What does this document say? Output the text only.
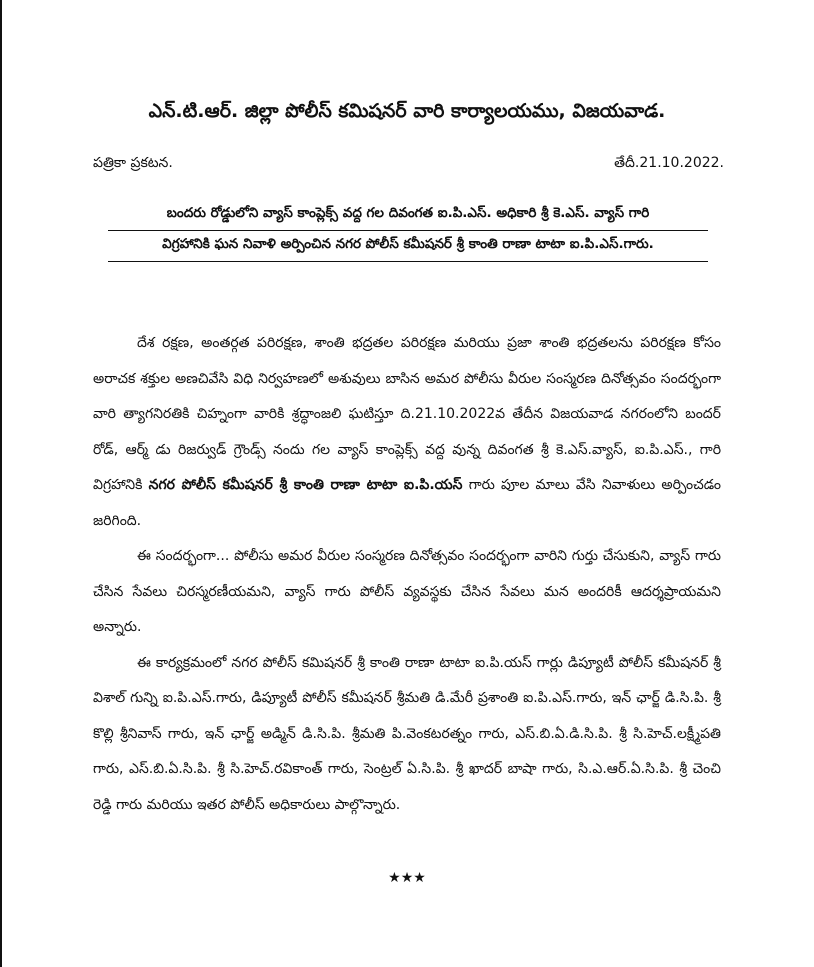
ఎన్.టి.ఆర్. జిల్లా పోలీస్ కమిషనర్ వారి కార్యాలయము, విజయవాడ.
పత్రికా ప్రకటన.	తేదీ.21.10.2022.
బందరు రోడ్డులోని వ్యాస్ కాంప్లెక్స్ వద్ద గల దివంగత ఐ.పి.ఎస్. అధికారి శ్రీ కె.ఎస్. వ్యాస్ గారి
విగ్రహానికి ఘన నివాళి అర్పించిన నగర పోలీస్ కమీషనర్ శ్రీ కాంతి రాణా టాటా ఐ.పి.ఎస్.గారు.

దేశ రక్షణ, అంతర్గత పరిరక్షణ, శాంతి భద్రతల పరిరక్షణ మరియు ప్రజా శాంతి భద్రతలను పరిరక్షణ కోసం అరాచక శక్తుల అణచివేసి విధి నిర్వహణలో అశువులు బాసిన అమర పోలీసు వీరుల సంస్మరణ దినోత్సవం సందర్భంగా వారి త్యాగనిరతికి చిహ్నంగా వారికి శ్రద్ధాంజలి ఘటిస్తూ ది.21.10.2022వ తేదీన విజయవాడ నగరంలోని బందర్ రోడ్, ఆర్మ్ డు రిజర్వుడ్ గ్రౌండ్స్ నందు గల వ్యాస్ కాంప్లెక్స్ వద్ద వున్న దివంగత శ్రీ కె.ఎస్.వ్యాస్, ఐ.పి.ఎస్., గారి విగ్రహానికి నగర పోలీస్ కమీషనర్ శ్రీ కాంతి రాణా టాటా ఐ.పి.యస్ గారు పూల మాలు వేసి నివాళులు అర్పించడం జరిగింది.

ఈ సందర్భంగా... పోలీసు అమర వీరుల సంస్మరణ దినోత్సవం సందర్భంగా వారిని గుర్తు చేసుకుని, వ్యాస్ గారు చేసిన సేవలు చిరస్మరణీయమని, వ్యాస్ గారు పోలీస్ వ్యవస్థకు చేసిన సేవలు మన అందరికీ ఆదర్శప్రాయమని అన్నారు.

ఈ కార్యక్రమంలో నగర పోలీస్ కమిషనర్ శ్రీ కాంతి రాణా టాటా ఐ.పి.యస్ గార్లు డిప్యూటీ పోలీస్ కమీషనర్ శ్రీ విశాల్ గున్ని ఐ.పి.ఎస్.గారు, డిప్యూటీ పోలీస్ కమీషనర్ శ్రీమతి డి.మేరీ ప్రశాంతి ఐ.పి.ఎస్.గారు, ఇన్ ఛార్జ్ డి.సి.పి. శ్రీ కొల్లి శ్రీనివాస్ గారు, ఇన్ ఛార్జ్ అడ్మిన్ డి.సి.పి. శ్రీమతి పి.వెంకటరత్నం గారు, ఎస్.బి.ఏ.డి.సి.పి. శ్రీ సి.హెచ్.లక్ష్మీపతి గారు, ఎస్.బి.ఏ.సి.పి. శ్రీ సి.హెచ్.రవికాంత్ గారు, సెంట్రల్ ఏ.సి.పి. శ్రీ ఖాదర్ బాషా గారు, సి.ఎ.ఆర్.ఏ.సి.పి. శ్రీ చెంచి రెడ్డి గారు మరియు ఇతర పోలీస్ అధికారులు పాల్గొన్నారు.

★★★
